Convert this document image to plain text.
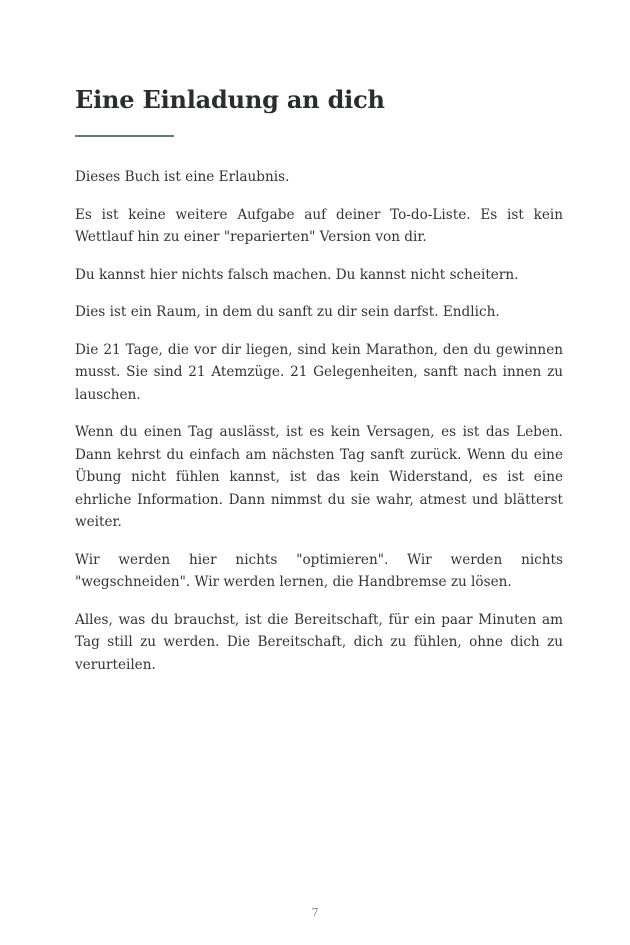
Eine Einladung an dich

Dieses Buch ist eine Erlaubnis.

Es ist keine weitere Aufgabe auf deiner To-do-Liste. Es ist kein Wettlauf hin zu einer "reparierten" Version von dir.

Du kannst hier nichts falsch machen. Du kannst nicht scheitern.

Dies ist ein Raum, in dem du sanft zu dir sein darfst. Endlich.

Die 21 Tage, die vor dir liegen, sind kein Marathon, den du gewinnen musst. Sie sind 21 Atemzüge. 21 Gelegenheiten, sanft nach innen zu lauschen.

Wenn du einen Tag auslässt, ist es kein Versagen, es ist das Leben. Dann kehrst du einfach am nächsten Tag sanft zurück. Wenn du eine Übung nicht fühlen kannst, ist das kein Widerstand, es ist eine ehrliche Information. Dann nimmst du sie wahr, atmest und blätterst weiter.

Wir werden hier nichts "optimieren". Wir werden nichts "wegschneiden". Wir werden lernen, die Handbremse zu lösen.

Alles, was du brauchst, ist die Bereitschaft, für ein paar Minuten am Tag still zu werden. Die Bereitschaft, dich zu fühlen, ohne dich zu verurteilen.

7
